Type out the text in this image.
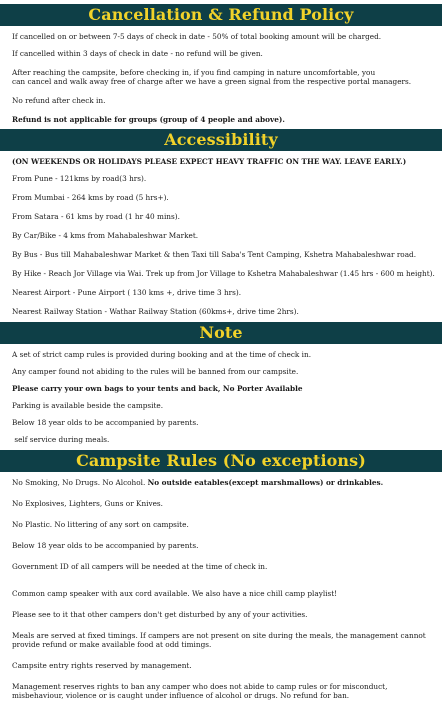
Cancellation & Refund Policy
If cancelled on or between 7-5 days of check in date - 50% of total booking amount will be charged.
If cancelled within 3 days of check in date - no refund will be given.
After reaching the campsite, before checking in, if you find camping in nature uncomfortable, you
can cancel and walk away free of charge after we have a green signal from the respective portal managers.
No refund after check in.
Refund is not applicable for groups (group of 4 people and above).
Accessibility
(ON WEEKENDS OR HOLIDAYS PLEASE EXPECT HEAVY TRAFFIC ON THE WAY. LEAVE EARLY.)
From Pune - 121kms by road(3 hrs).
From Mumbai - 264 kms by road (5 hrs+).
From Satara - 61 kms by road (1 hr 40 mins).
By Car/Bike - 4 kms from Mahabaleshwar Market.
By Bus - Bus till Mahabaleshwar Market & then Taxi till Saba's Tent Camping, Kshetra Mahabaleshwar road.
By Hike - Reach Jor Village via Wai. Trek up from Jor Village to Kshetra Mahabaleshwar (1.45 hrs - 600 m height).
Nearest Airport - Pune Airport ( 130 kms +, drive time 3 hrs).
Nearest Railway Station - Wathar Railway Station (60kms+, drive time 2hrs).
Note
A set of strict camp rules is provided during booking and at the time of check in.
Any camper found not abiding to the rules will be banned from our campsite.
Please carry your own bags to your tents and back, No Porter Available
Parking is available beside the campsite.
Below 18 year olds to be accompanied by parents.
self service during meals.
Campsite Rules (No exceptions)
No Smoking, No Drugs. No Alcohol. No outside eatables(except marshmallows) or drinkables.
No Explosives, Lighters, Guns or Knives.
No Plastic. No littering of any sort on campsite.
Below 18 year olds to be accompanied by parents.
Government ID of all campers will be needed at the time of check in.
Common camp speaker with aux cord available. We also have a nice chill camp playlist!
Please see to it that other campers don't get disturbed by any of your activities.
Meals are served at fixed timings. If campers are not present on site during the meals, the management cannot
provide refund or make available food at odd timings.
Campsite entry rights reserved by management.
Management reserves rights to ban any camper who does not abide to camp rules or for misconduct,
misbehaviour, violence or is caught under influence of alcohol or drugs. No refund for ban.
